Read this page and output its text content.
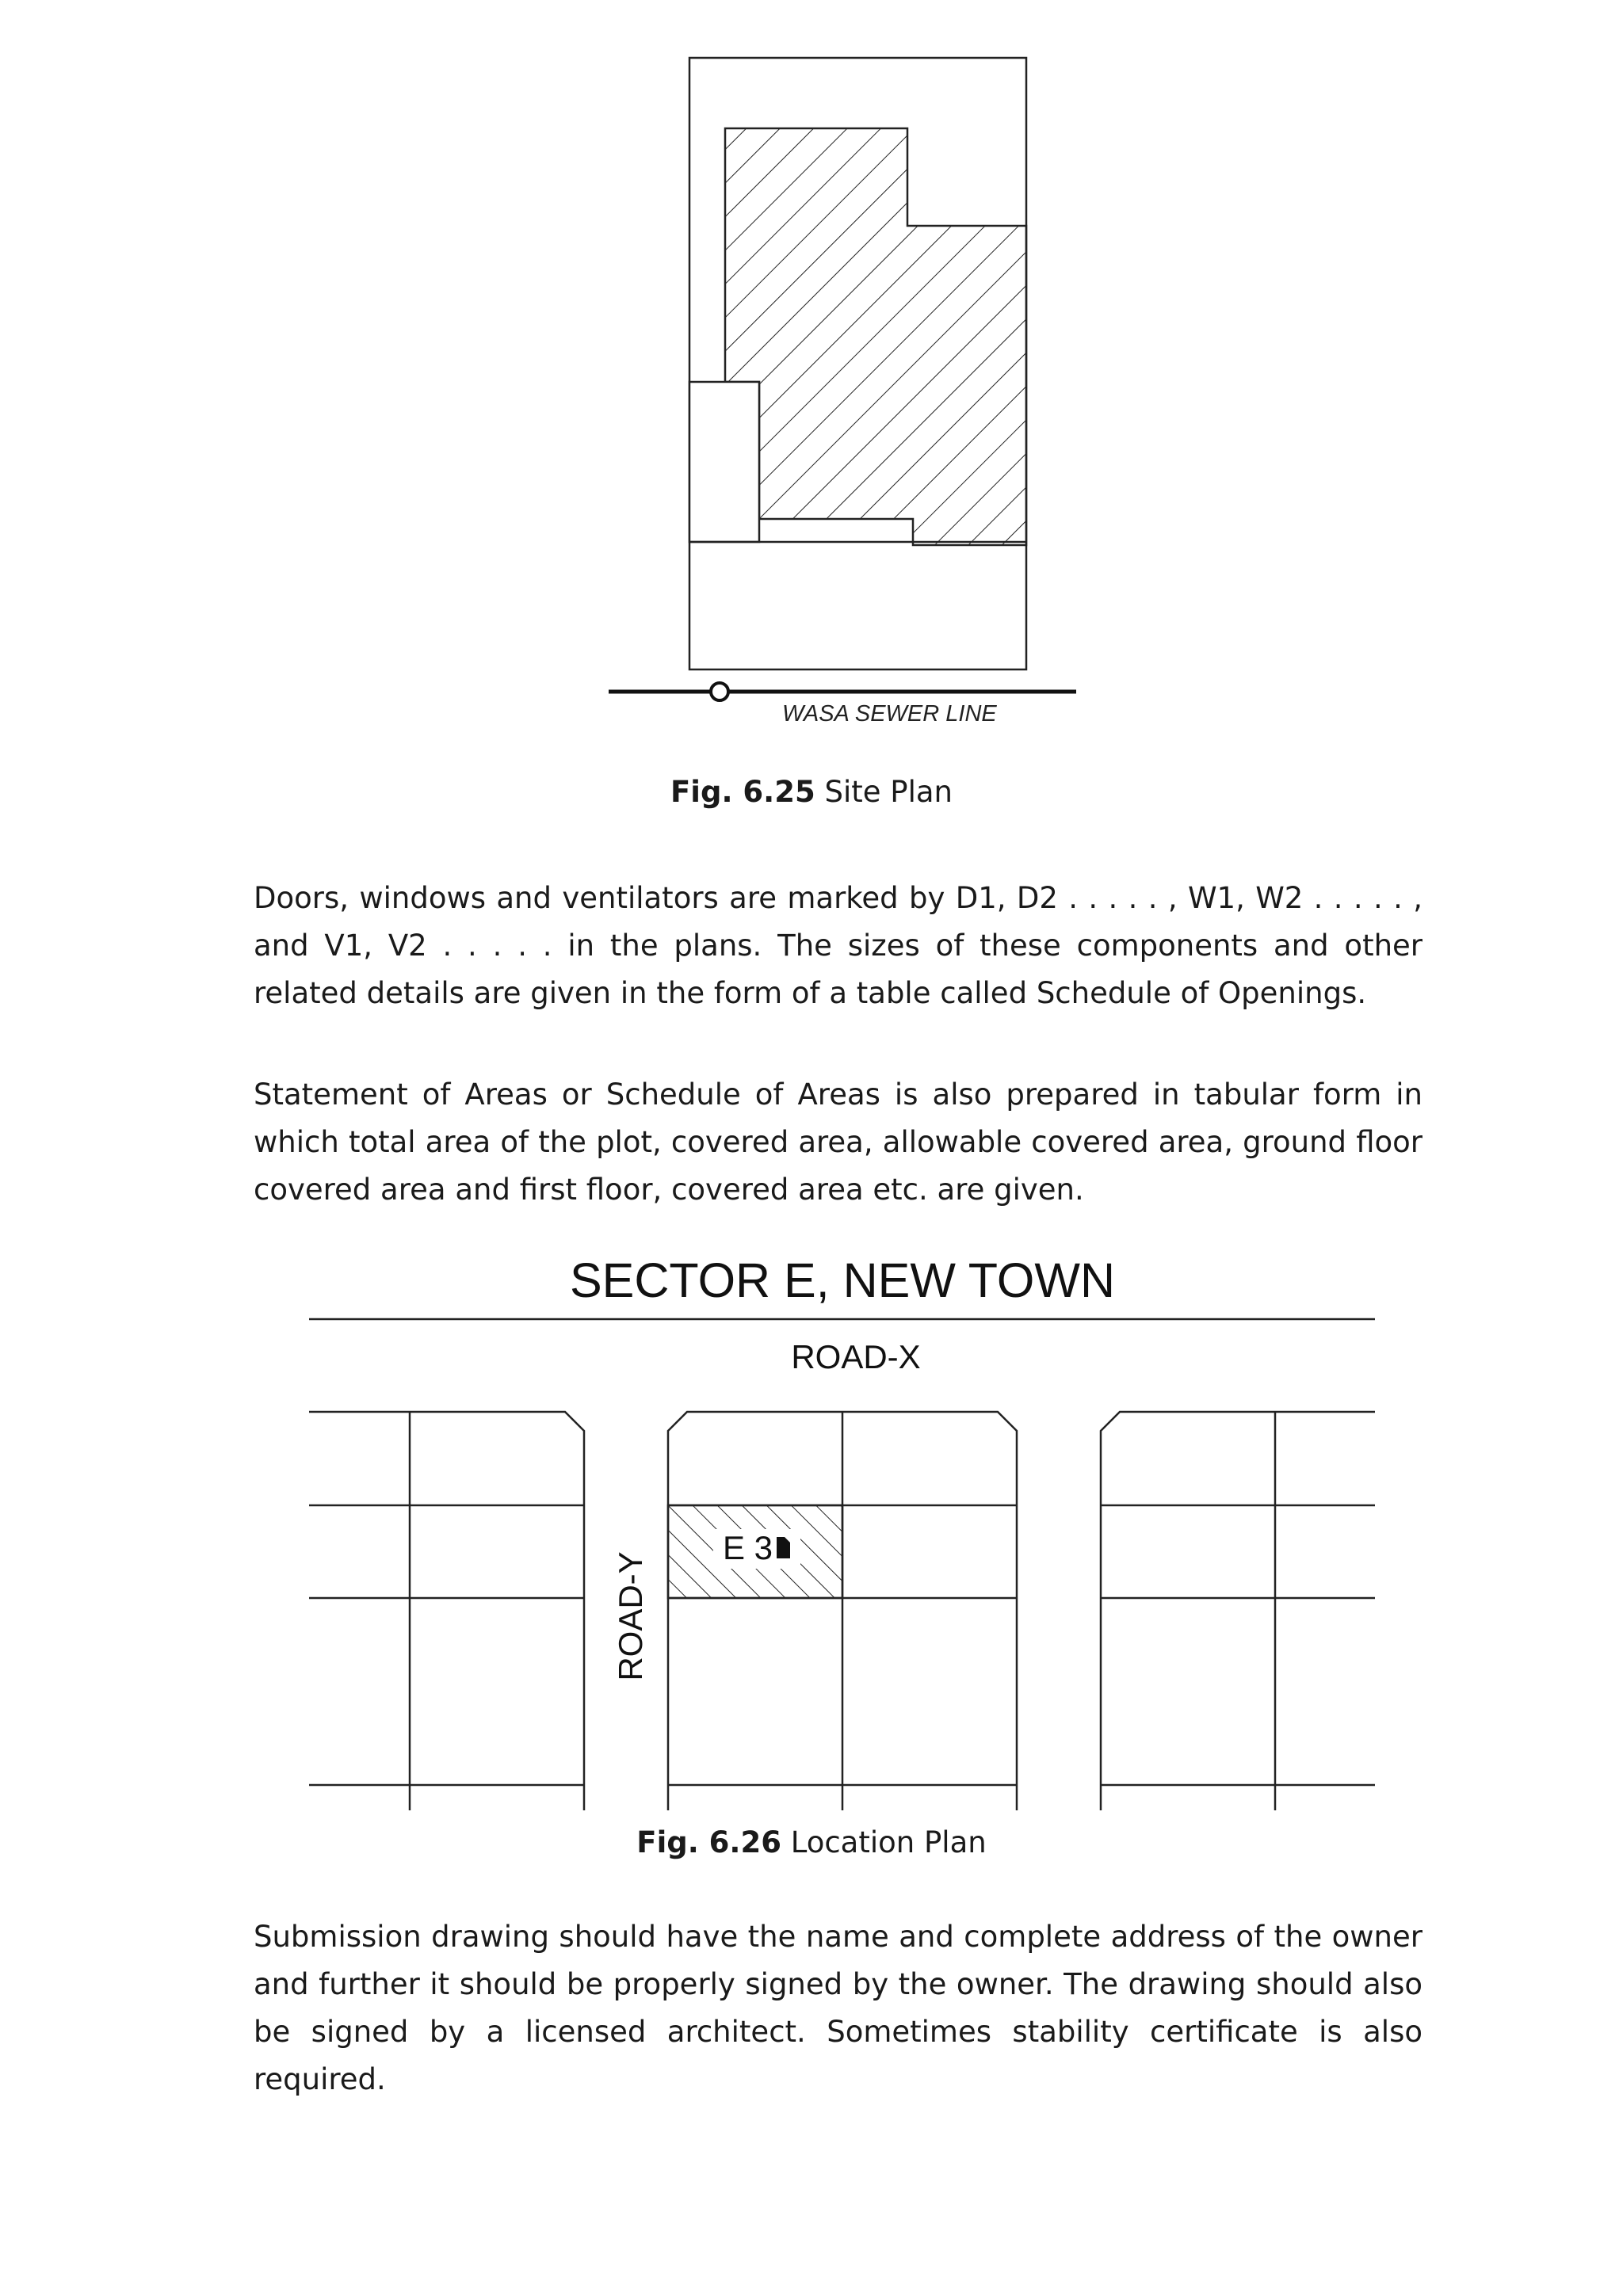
WASA SEWER LINE
Fig. 6.25 Site Plan

Doors, windows and ventilators are marked by D1, D2 . . . . . , W1, W2 . . . . . , and V1, V2 . . . . . in the plans. The sizes of these components and other related details are given in the form of a table called Schedule of Openings.

Statement of Areas or Schedule of Areas is also prepared in tabular form in which total area of the plot, covered area, allowable covered area, ground floor covered area and first floor, covered area etc. are given.

SECTOR E, NEW TOWN
ROAD-X
E 3
ROAD-Y
Fig. 6.26 Location Plan

Submission drawing should have the name and complete address of the owner and further it should be properly signed by the owner. The drawing should also be signed by a licensed architect. Sometimes stability certificate is also required.
